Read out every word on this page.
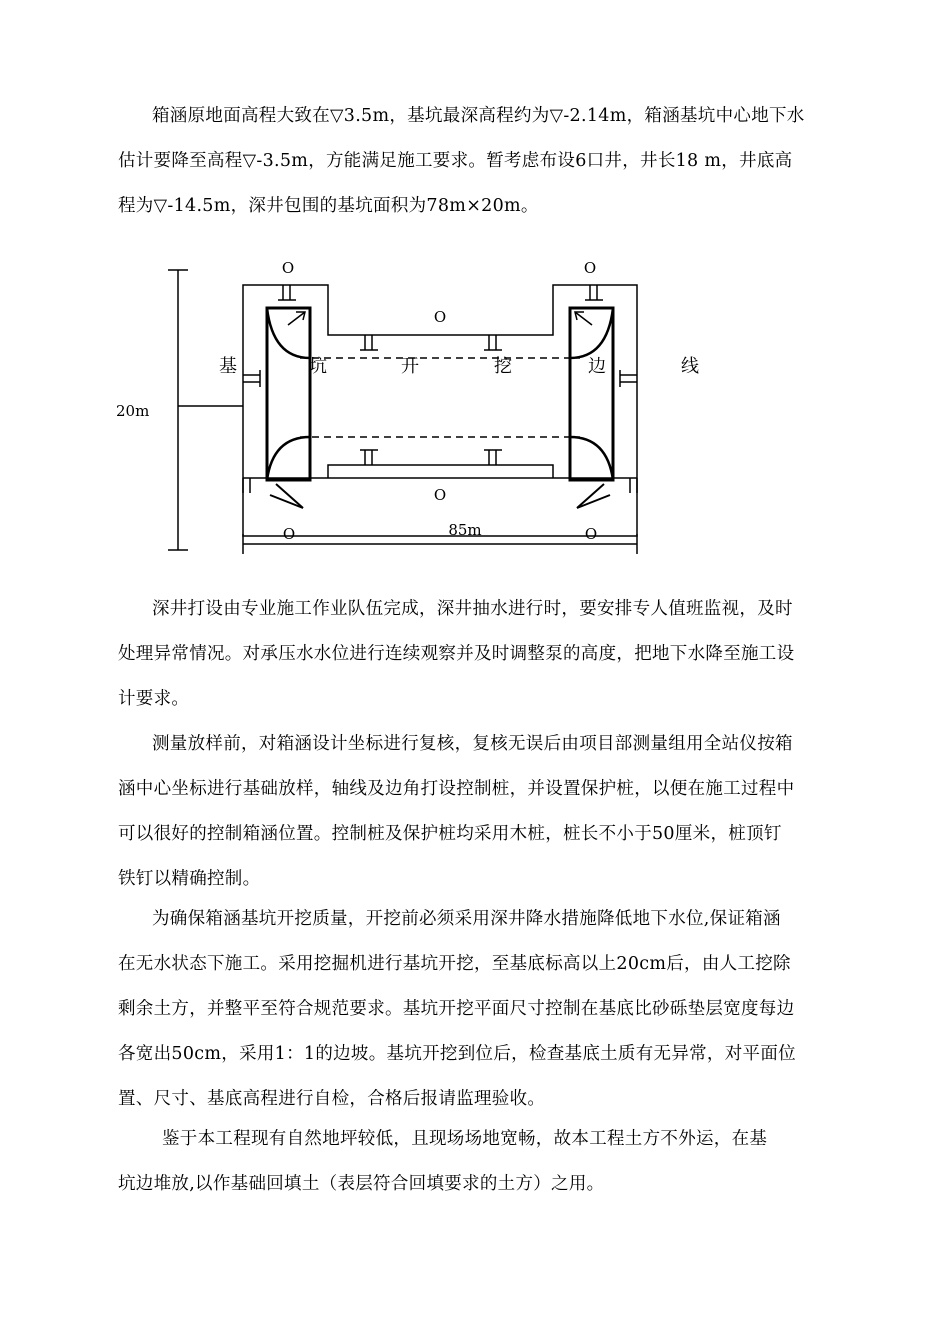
箱涵原地面高程大致在▽3.5m，基坑最深高程约为▽-2.14m，箱涵基坑中心地下水
估计要降至高程▽-3.5m，方能满足施工要求。暂考虑布设6口井，井长18 m，井底高
程为▽-14.5m，深井包围的基坑面积为78m×20m。
O	O
O
O
O	O
20m
85m
基	坑	开	挖	边	线
深井打设由专业施工作业队伍完成，深井抽水进行时，要安排专人值班监视，及时
处理异常情况。对承压水水位进行连续观察并及时调整泵的高度，把地下水降至施工设
计要求。
测量放样前，对箱涵设计坐标进行复核，复核无误后由项目部测量组用全站仪按箱
涵中心坐标进行基础放样，轴线及边角打设控制桩，并设置保护桩，以便在施工过程中
可以很好的控制箱涵位置。控制桩及保护桩均采用木桩，桩长不小于50厘米，桩顶钉
铁钉以精确控制。
为确保箱涵基坑开挖质量，开挖前必须采用深井降水措施降低地下水位,保证箱涵
在无水状态下施工。采用挖掘机进行基坑开挖，至基底标高以上20cm后，由人工挖除
剩余土方，并整平至符合规范要求。基坑开挖平面尺寸控制在基底比砂砾垫层宽度每边
各宽出50cm，采用1：1的边坡。基坑开挖到位后，检查基底土质有无异常，对平面位
置、尺寸、基底高程进行自检，合格后报请监理验收。
鉴于本工程现有自然地坪较低，且现场场地宽畅，故本工程土方不外运，在基
坑边堆放,以作基础回填土（表层符合回填要求的土方）之用。
